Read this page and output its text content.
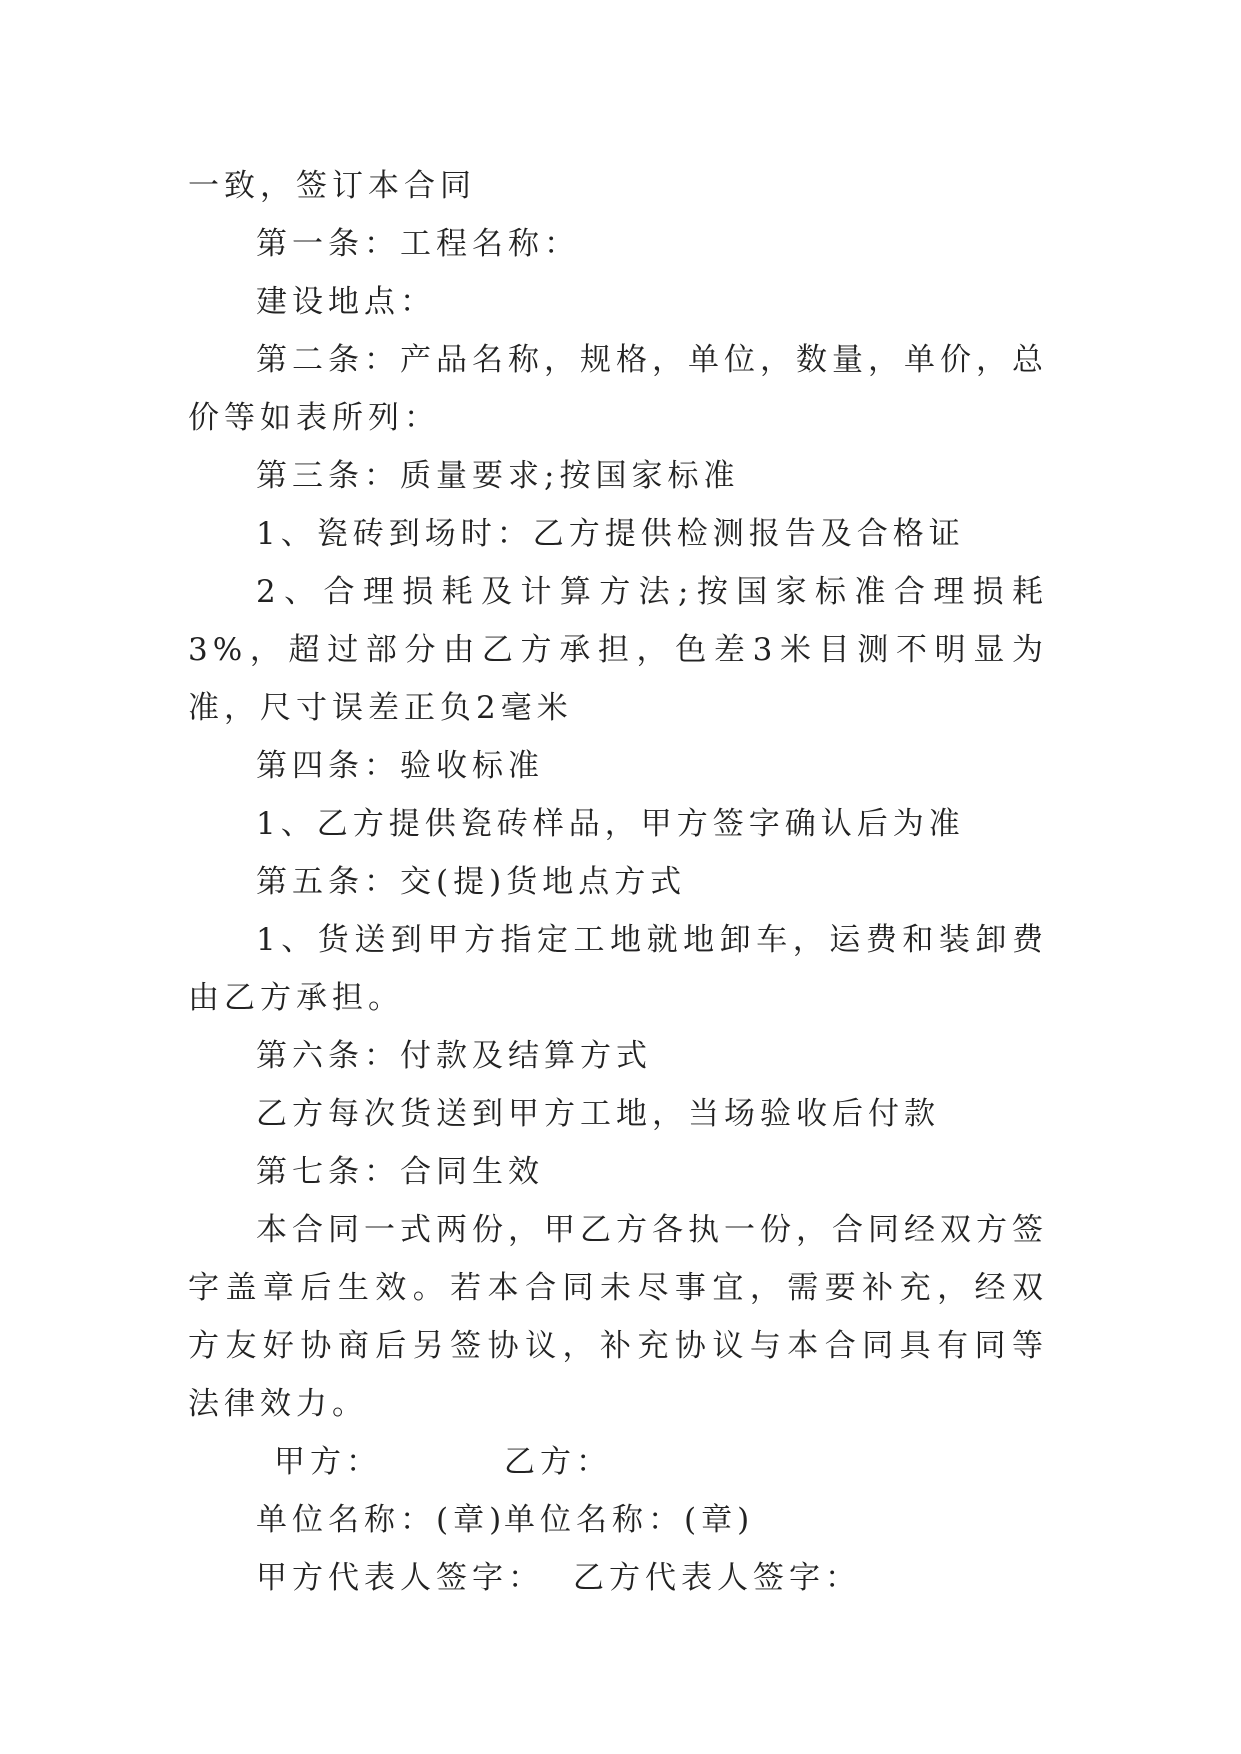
一致，签订本合同
第一条：工程名称：
建设地点：

第二条：产品名称，规格，单位，数量，单价，总价等如表所列：

第三条：质量要求;按国家标准
1、瓷砖到场时：乙方提供检测报告及合格证

2、合理损耗及计算方法;按国家标准合理损耗3%，超过部分由乙方承担，色差3米目测不明显为准，尺寸误差正负2毫米

第四条：验收标准
1、乙方提供瓷砖样品，甲方签字确认后为准
第五条：交(提)货地点方式

1、货送到甲方指定工地就地卸车，运费和装卸费由乙方承担。

第六条：付款及结算方式
乙方每次货送到甲方工地，当场验收后付款
第七条：合同生效

本合同一式两份，甲乙方各执一份，合同经双方签字盖章后生效。若本合同未尽事宜，需要补充，经双方友好协商后另签协议，补充协议与本合同具有同等法律效力。

甲方：	乙方：
单位名称：(章)
单位名称：(章)
甲方代表人签字： 乙方代表人签字：
